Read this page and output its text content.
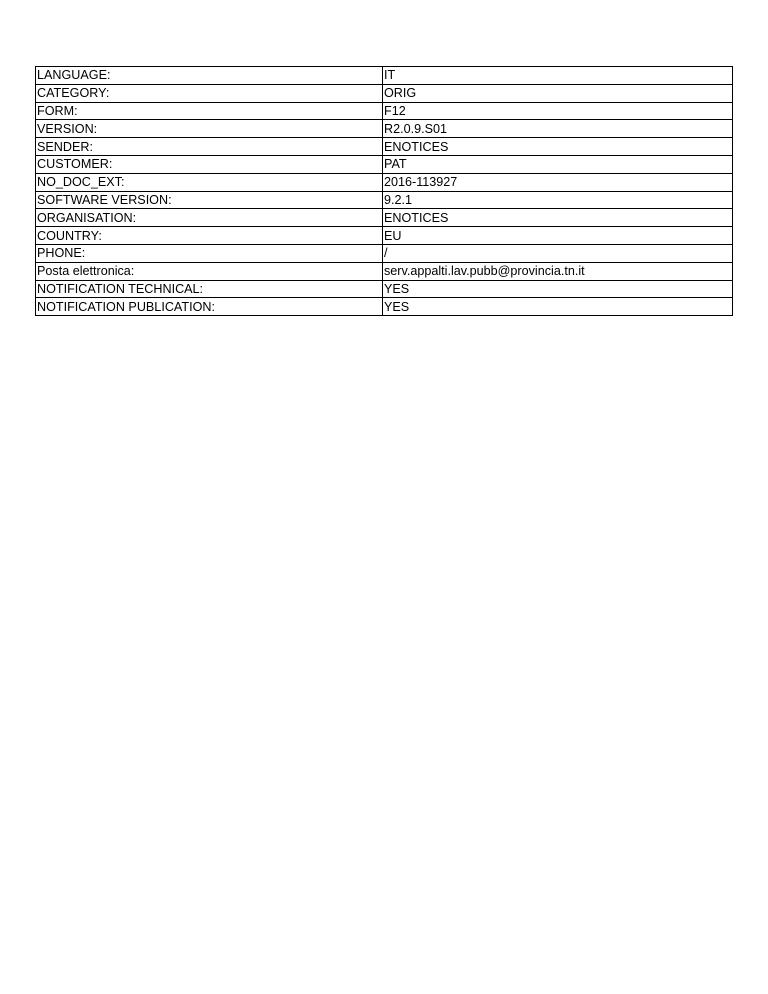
LANGUAGE:	IT
CATEGORY:	ORIG
FORM:	F12
VERSION:	R2.0.9.S01
SENDER:	ENOTICES
CUSTOMER:	PAT
NO_DOC_EXT:	2016-113927
SOFTWARE VERSION:	9.2.1
ORGANISATION:	ENOTICES
COUNTRY:	EU
PHONE:	/
Posta elettronica:	serv.appalti.lav.pubb@provincia.tn.it
NOTIFICATION TECHNICAL:	YES
NOTIFICATION PUBLICATION:	YES
